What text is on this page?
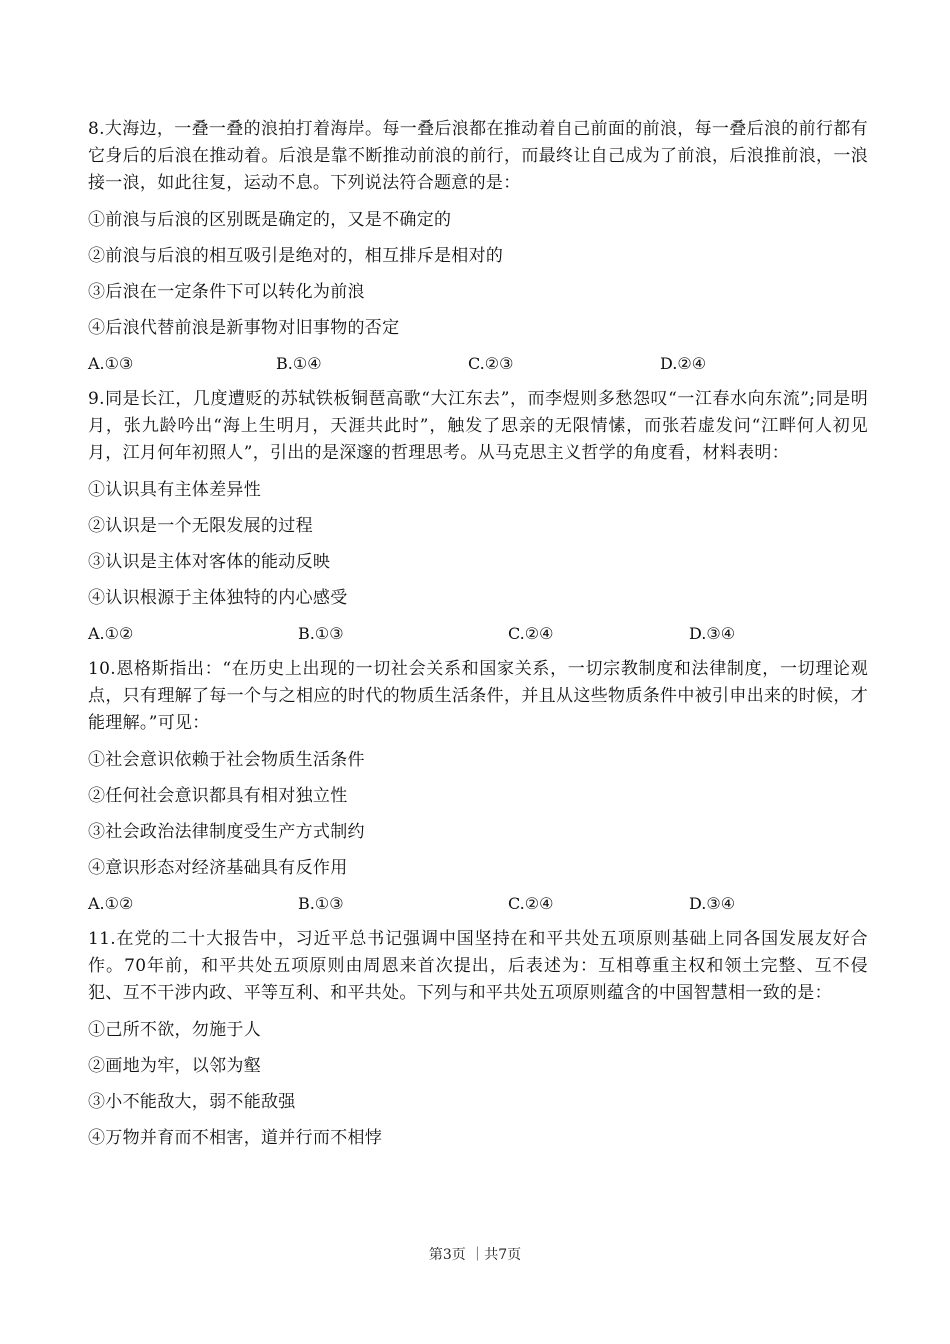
8.大海边，一叠一叠的浪拍打着海岸。每一叠后浪都在推动着自己前面的前浪，每一叠后浪的前行都有它身后的后浪在推动着。后浪是靠不断推动前浪的前行，而最终让自己成为了前浪，后浪推前浪，一浪接一浪，如此往复，运动不息。下列说法符合题意的是：

①前浪与后浪的区别既是确定的，又是不确定的

②前浪与后浪的相互吸引是绝对的，相互排斥是相对的

③后浪在一定条件下可以转化为前浪

④后浪代替前浪是新事物对旧事物的否定

A.①③	B.①④	C.②③	D.②④

9.同是长江，几度遭贬的苏轼铁板铜琶高歌“大江东去”，而李煜则多愁怨叹“一江春水向东流”;同是明月，张九龄吟出“海上生明月，天涯共此时”，触发了思亲的无限情愫，而张若虚发问“江畔何人初见月，江月何年初照人”，引出的是深邃的哲理思考。从马克思主义哲学的角度看，材料表明：

①认识具有主体差异性

②认识是一个无限发展的过程

③认识是主体对客体的能动反映

④认识根源于主体独特的内心感受

A.①②	B.①③	C.②④	D.③④

10.恩格斯指出：“在历史上出现的一切社会关系和国家关系，一切宗教制度和法律制度，一切理论观点，只有理解了每一个与之相应的时代的物质生活条件，并且从这些物质条件中被引申出来的时候，才能理解。”可见：

①社会意识依赖于社会物质生活条件

②任何社会意识都具有相对独立性

③社会政治法律制度受生产方式制约

④意识形态对经济基础具有反作用

A.①②	B.①③	C.②④	D.③④

11.在党的二十大报告中，习近平总书记强调中国坚持在和平共处五项原则基础上同各国发展友好合作。70年前，和平共处五项原则由周恩来首次提出，后表述为：互相尊重主权和领土完整、互不侵犯、互不干涉内政、平等互利、和平共处。下列与和平共处五项原则蕴含的中国智慧相一致的是：

①己所不欲，勿施于人

②画地为牢，以邻为壑

③小不能敌大，弱不能敌强

④万物并育而不相害，道并行而不相悖

第3页 ｜共7页
